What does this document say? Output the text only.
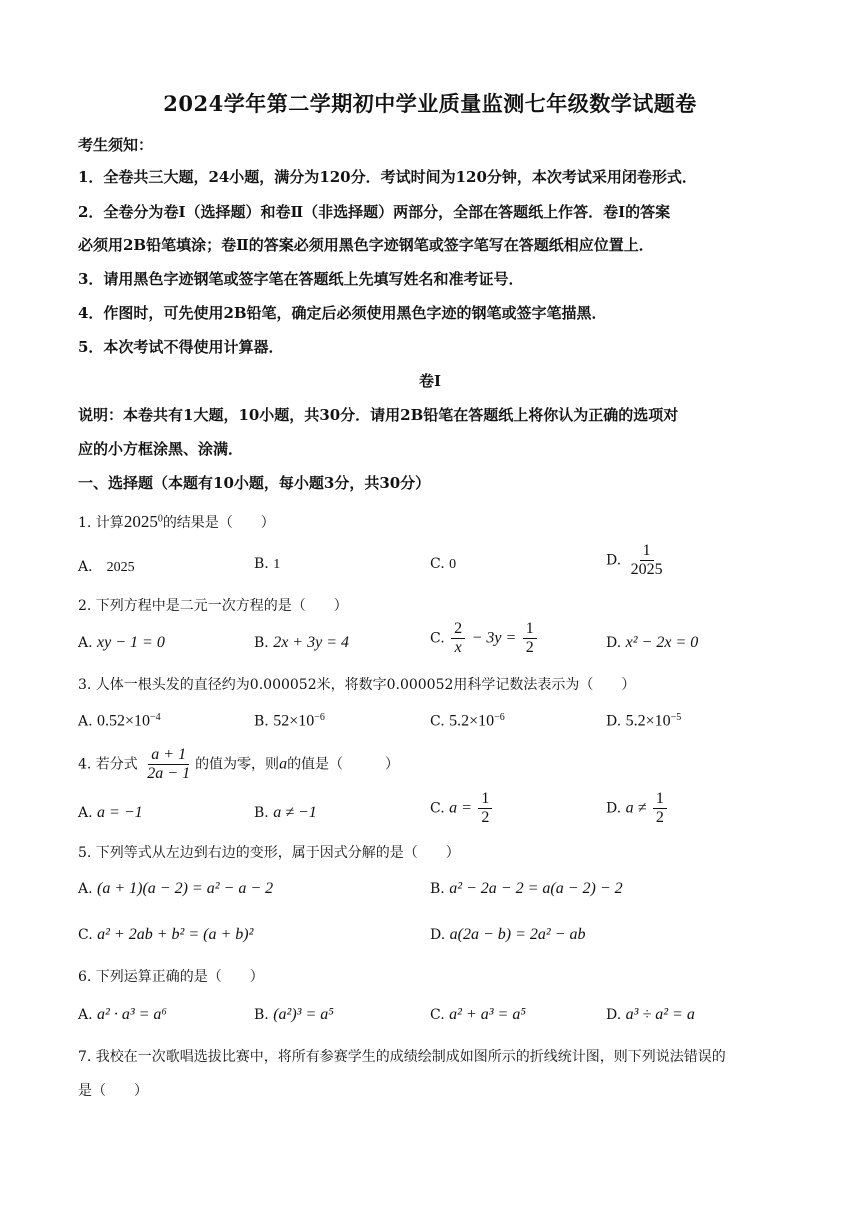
2024学年第二学期初中学业质量监测七年级数学试题卷
考生须知：
1．全卷共三大题，24小题，满分为120分．考试时间为120分钟，本次考试采用闭卷形式．
2．全卷分为卷Ⅰ（选择题）和卷Ⅱ（非选择题）两部分，全部在答题纸上作答．卷Ⅰ的答案
必须用2B铅笔填涂；卷Ⅱ的答案必须用黑色字迹钢笔或签字笔写在答题纸相应位置上．
3．请用黑色字迹钢笔或签字笔在答题纸上先填写姓名和准考证号．
4．作图时，可先使用2B铅笔，确定后必须使用黑色字迹的钢笔或签字笔描黑．
5．本次考试不得使用计算器．
卷Ⅰ
说明：本卷共有1大题，10小题，共30分．请用2B铅笔在答题纸上将你认为正确的选项对
应的小方框涂黑、涂满．
一、选择题（本题有10小题，每小题3分，共30分）
1. 计算2025$^0$的结果是（　　）
A． 2025	B. 1	C. 0	D. $\frac{1}{2025}$
2. 下列方程中是二元一次方程的是（　　）
A. xy − 1 = 0	B. 2x + 3y = 4	C. $\frac{2}{x} - 3y = \frac{1}{2}$	D. x² − 2x = 0
3. 人体一根头发的直径约为0.000052米，将数字0.000052用科学记数法表示为（　　）
A. $0.52\times 10^{-4}$	B. $52\times 10^{-6}$	C. $5.2\times 10^{-6}$	D. $5.2\times 10^{-5}$
4. 若分式 $\frac{a + 1}{2a - 1}$ 的值为零，则a的值是（　　　）
A. a = −1	B. a ≠ −1	C. $a = \frac{1}{2}$	D. $a \ne \frac{1}{2}$
5. 下列等式从左边到右边的变形，属于因式分解的是（　　）
A. (a + 1)(a − 2) = a² − a − 2	B. a² − 2a − 2 = a(a − 2) − 2
C. a² + 2ab + b² = (a + b)²	D. a(2a − b) = 2a² − ab
6. 下列运算正确的是（　　）
A. a² · a³ = a⁶	B. (a²)³ = a⁵	C. a² + a³ = a⁵	D. a³ ÷ a² = a
7. 我校在一次歌唱选拔比赛中，将所有参赛学生的成绩绘制成如图所示的折线统计图，则下列说法错误的
是（　　）
